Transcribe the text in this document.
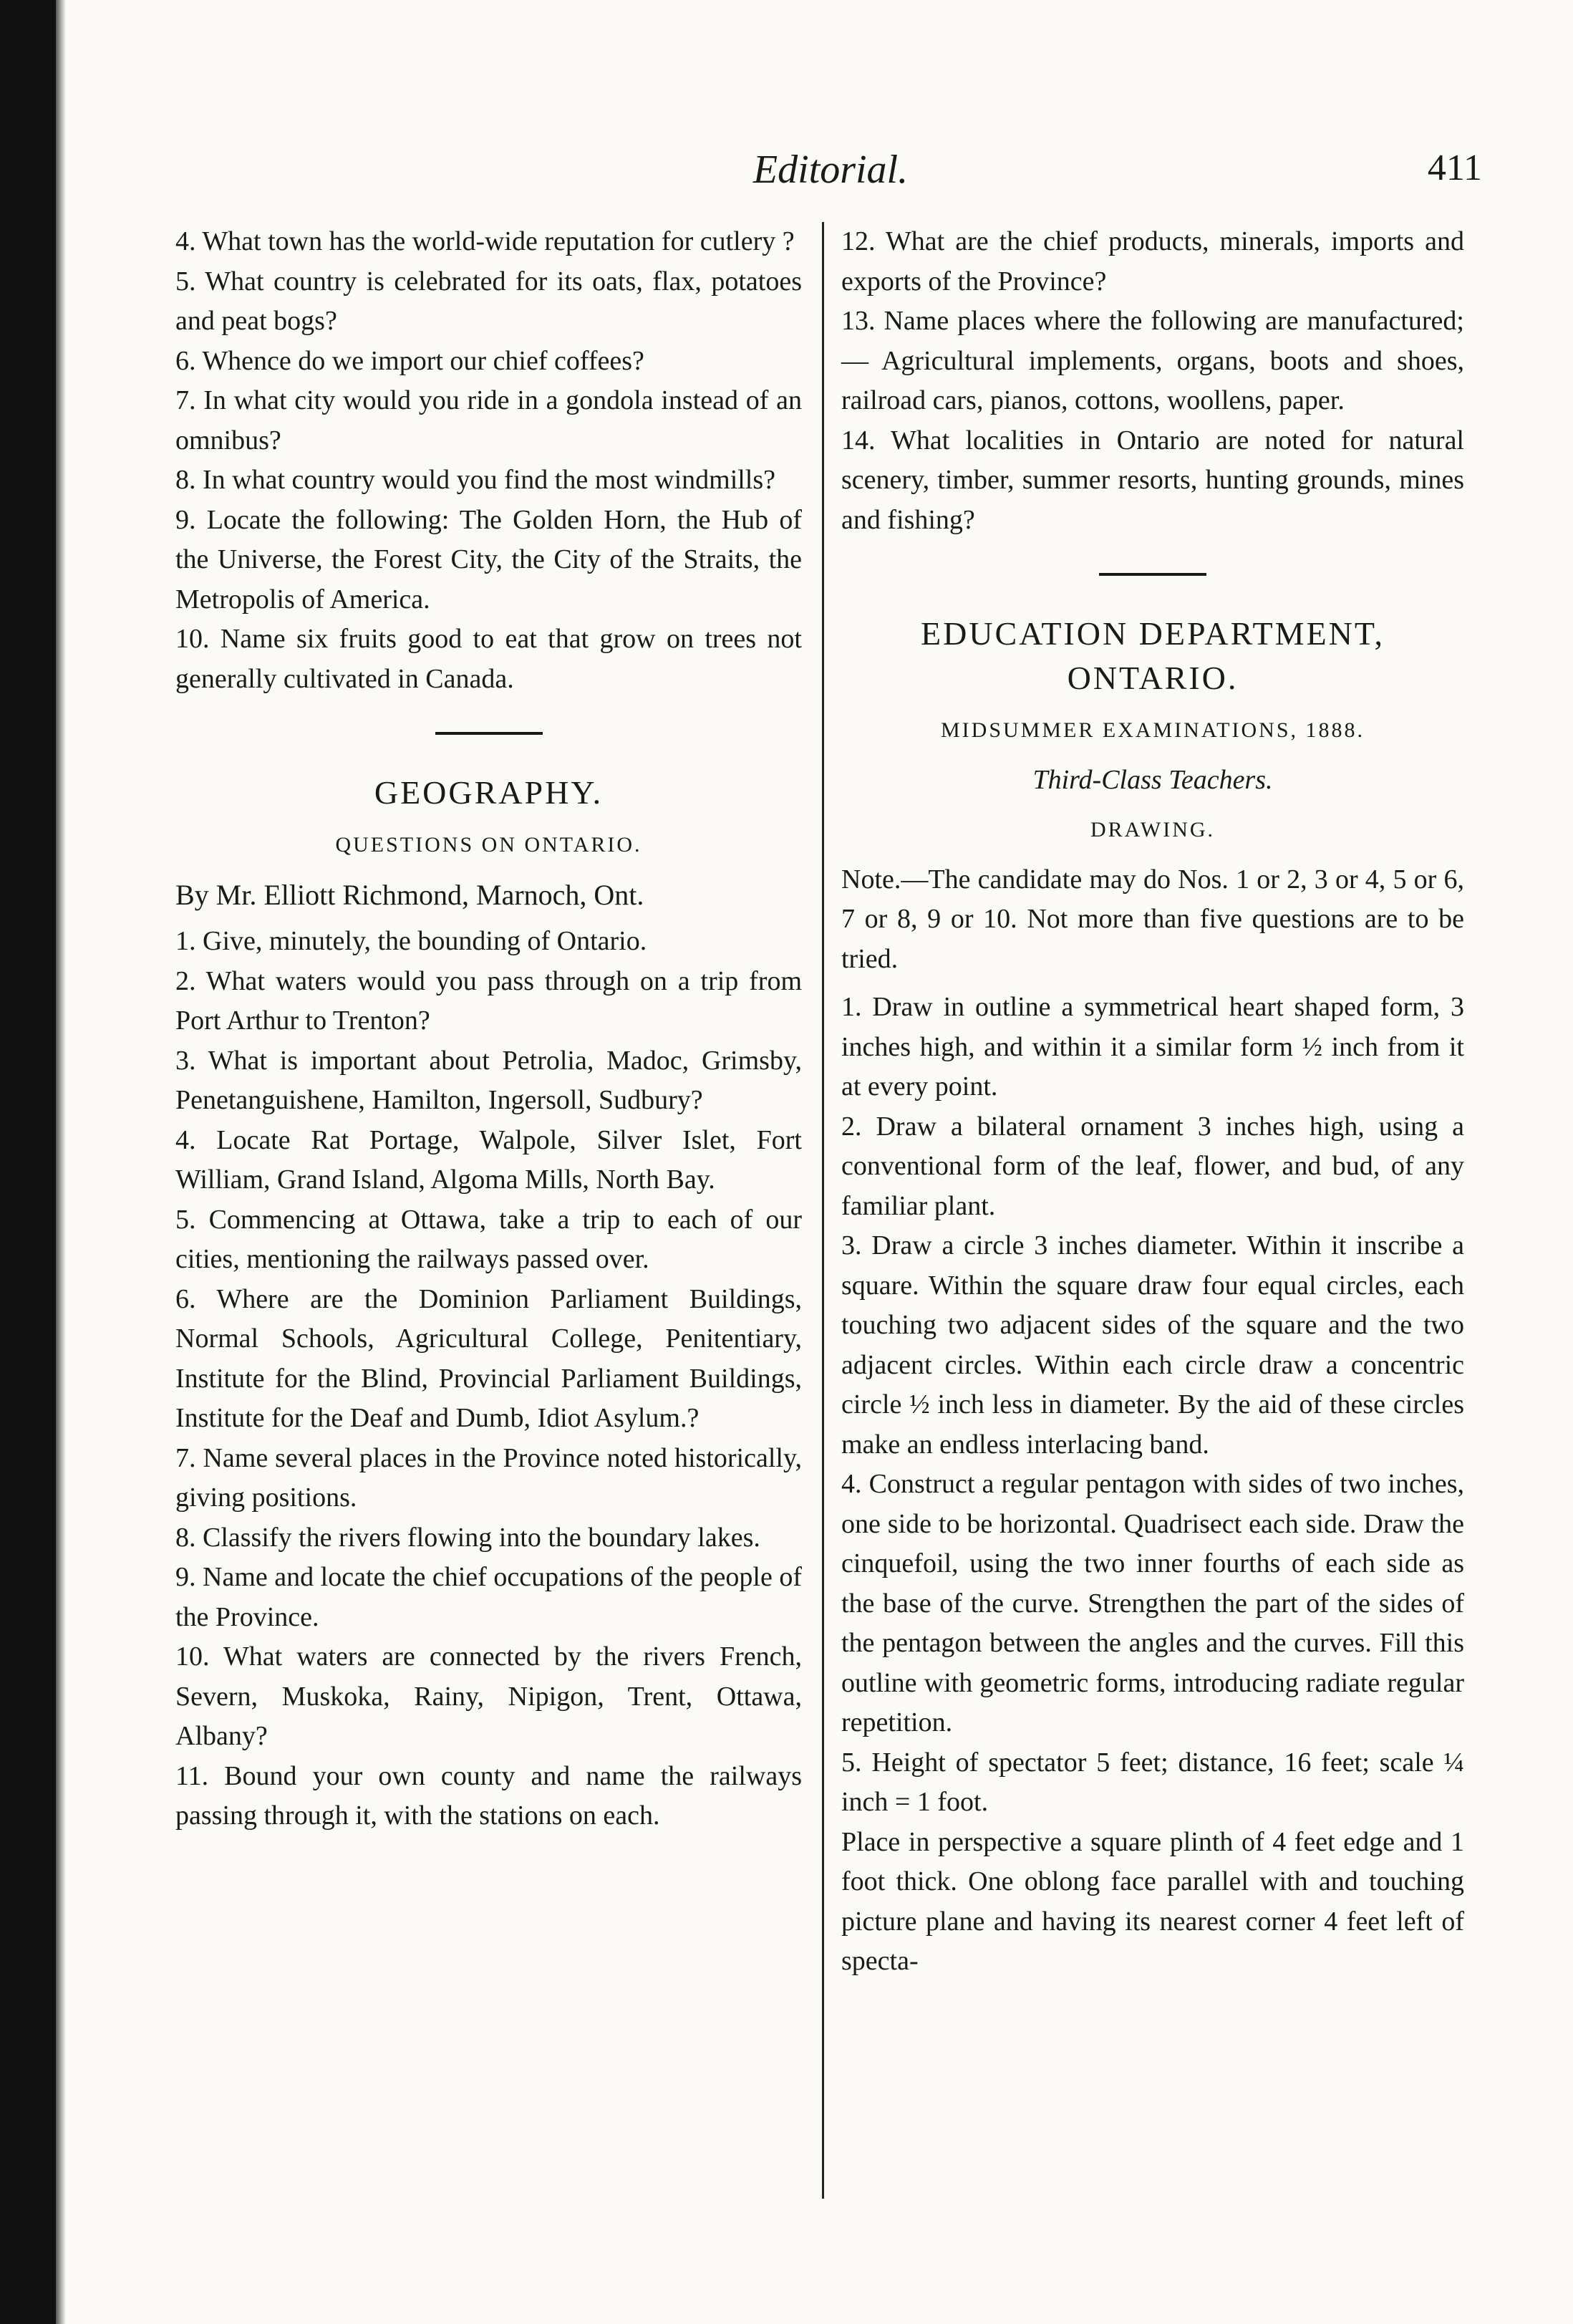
Editorial.	411

4. What town has the world-wide reputation for cutlery ?

5. What country is celebrated for its oats, flax, potatoes and peat bogs?

6. Whence do we import our chief coffees?

7. In what city would you ride in a gondola instead of an omnibus?

8. In what country would you find the most windmills?

9. Locate the following: The Golden Horn, the Hub of the Universe, the Forest City, the City of the Straits, the Metropolis of America.

10. Name six fruits good to eat that grow on trees not generally cultivated in Canada.

GEOGRAPHY.

QUESTIONS ON ONTARIO.

By Mr. Elliott Richmond, Marnoch, Ont.

1. Give, minutely, the bounding of Ontario.

2. What waters would you pass through on a trip from Port Arthur to Trenton?

3. What is important about Petrolia, Madoc, Grimsby, Penetanguishene, Hamilton, Ingersoll, Sudbury?

4. Locate Rat Portage, Walpole, Silver Islet, Fort William, Grand Island, Algoma Mills, North Bay.

5. Commencing at Ottawa, take a trip to each of our cities, mentioning the railways passed over.

6. Where are the Dominion Parliament Buildings, Normal Schools, Agricultural College, Penitentiary, Institute for the Blind, Provincial Parliament Buildings, Institute for the Deaf and Dumb, Idiot Asylum.?

7. Name several places in the Province noted historically, giving positions.

8. Classify the rivers flowing into the boundary lakes.

9. Name and locate the chief occupations of the people of the Province.

10. What waters are connected by the rivers French, Severn, Muskoka, Rainy, Nipigon, Trent, Ottawa, Albany?

11. Bound your own county and name the railways passing through it, with the stations on each.

12. What are the chief products, minerals, imports and exports of the Province?

13. Name places where the following are manufactured;— Agricultural implements, organs, boots and shoes, railroad cars, pianos, cottons, woollens, paper.

14. What localities in Ontario are noted for natural scenery, timber, summer resorts, hunting grounds, mines and fishing?

EDUCATION DEPARTMENT,

ONTARIO.

MIDSUMMER EXAMINATIONS, 1888.

Third-Class Teachers.

DRAWING.

Note.—The candidate may do Nos. 1 or 2, 3 or 4, 5 or 6, 7 or 8, 9 or 10. Not more than five questions are to be tried.

1. Draw in outline a symmetrical heart shaped form, 3 inches high, and within it a similar form ½ inch from it at every point.

2. Draw a bilateral ornament 3 inches high, using a conventional form of the leaf, flower, and bud, of any familiar plant.

3. Draw a circle 3 inches diameter. Within it inscribe a square. Within the square draw four equal circles, each touching two adjacent sides of the square and the two adjacent circles. Within each circle draw a concentric circle ½ inch less in diameter. By the aid of these circles make an endless interlacing band.

4. Construct a regular pentagon with sides of two inches, one side to be horizontal. Quadrisect each side. Draw the cinquefoil, using the two inner fourths of each side as the base of the curve. Strengthen the part of the sides of the pentagon between the angles and the curves. Fill this outline with geometric forms, introducing radiate regular repetition.

5. Height of spectator 5 feet; distance, 16 feet; scale ¼ inch = 1 foot.

Place in perspective a square plinth of 4 feet edge and 1 foot thick. One oblong face parallel with and touching picture plane and having its nearest corner 4 feet left of specta-
